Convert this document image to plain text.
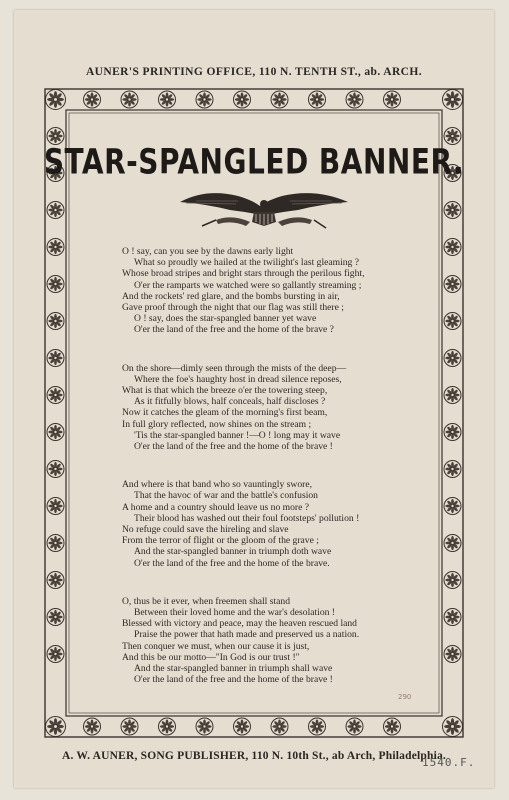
AUNER'S PRINTING OFFICE, 110 N. TENTH ST., ab. ARCH.
STAR-SPANGLED BANNER.
O ! say, can you see by the dawns early light
What so proudly we hailed at the twilight's last gleaming ?
Whose broad stripes and bright stars through the perilous fight,
O'er the ramparts we watched were so gallantly streaming ;
And the rockets' red glare, and the bombs bursting in air,
Gave proof through the night that our flag was still there ;
O ! say, does the star-spangled banner yet wave
O'er the land of the free and the home of the brave ?
On the shore—dimly seen through the mists of the deep—
Where the foe's haughty host in dread silence reposes,
What is that which the breeze o'er the towering steep,
As it fitfully blows, half conceals, half discloses ?
Now it catches the gleam of the morning's first beam,
In full glory reflected, now shines on the stream ;
'Tis the star-spangled banner !—O ! long may it wave
O'er the land of the free and the home of the brave !
And where is that band who so vauntingly swore,
That the havoc of war and the battle's confusion
A home and a country should leave us no more ?
Their blood has washed out their foul footsteps' pollution !
No refuge could save the hireling and slave
From the terror of flight or the gloom of the grave ;
And the star-spangled banner in triumph doth wave
O'er the land of the free and the home of the brave.
O, thus be it ever, when freemen shall stand
Between their loved home and the war's desolation !
Blessed with victory and peace, may the heaven rescued land
Praise the power that hath made and preserved us a nation.
Then conquer we must, when our cause it is just,
And this be our motto—"In God is our trust !"
And the star-spangled banner in triumph shall wave
O'er the land of the free and the home of the brave !
290
A. W. AUNER, SONG PUBLISHER, 110 N. 10th St., ab Arch, Philadelphia.
1540.F.
